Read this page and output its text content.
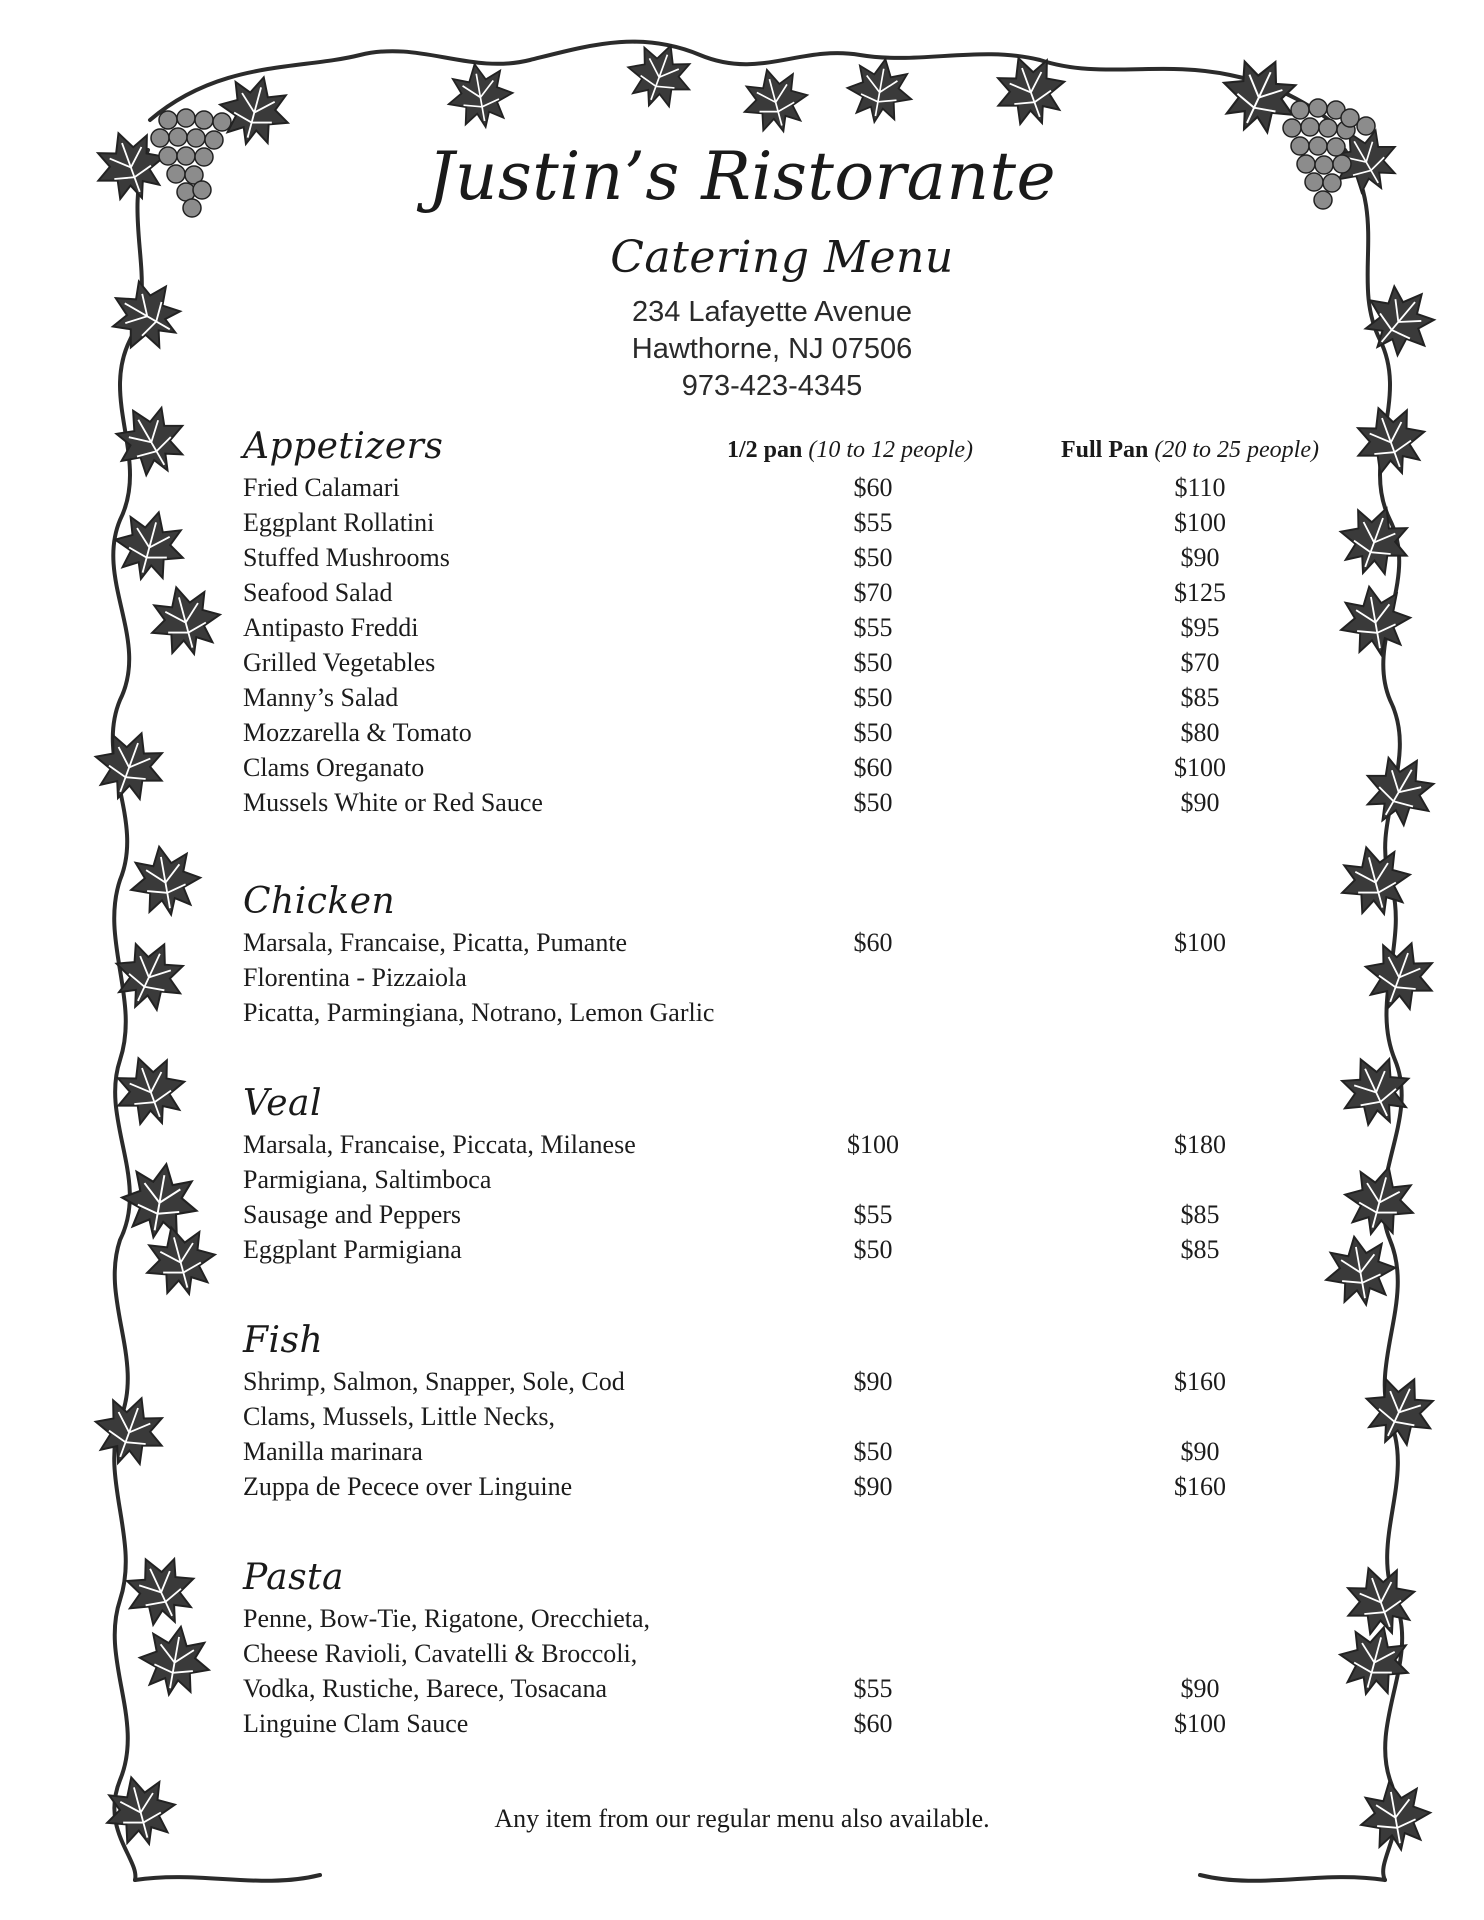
Justin’s Ristorante
Catering Menu

234 Lafayette Avenue

Hawthorne, NJ 07506

973-423-4345

1/2 pan (10 to 12 people)	Full Pan (20 to 25 people)
Appetizers
Fried Calamari	$60	$110
Eggplant Rollatini	$55	$100
Stuffed Mushrooms	$50	$90
Seafood Salad	$70	$125
Antipasto Freddi	$55	$95
Grilled Vegetables	$50	$70
Manny’s Salad	$50	$85
Mozzarella & Tomato	$50	$80
Clams Oreganato	$60	$100
Mussels White or Red Sauce	$50	$90
Chicken
Marsala, Francaise, Picatta, Pumante	$60	$100
Florentina - Pizzaiola
Picatta, Parmingiana, Notrano, Lemon Garlic
Veal
Marsala, Francaise, Piccata, Milanese	$100	$180
Parmigiana, Saltimboca
Sausage and Peppers	$55	$85
Eggplant Parmigiana	$50	$85
Fish
Shrimp, Salmon, Snapper, Sole, Cod	$90	$160
Clams, Mussels, Little Necks,
Manilla marinara	$50	$90
Zuppa de Pecece over Linguine	$90	$160
Pasta
Penne, Bow-Tie, Rigatone, Orecchieta,
Cheese Ravioli, Cavatelli & Broccoli,
Vodka, Rustiche, Barece, Tosacana	$55	$90
Linguine Clam Sauce	$60	$100
Any item from our regular menu also available.
